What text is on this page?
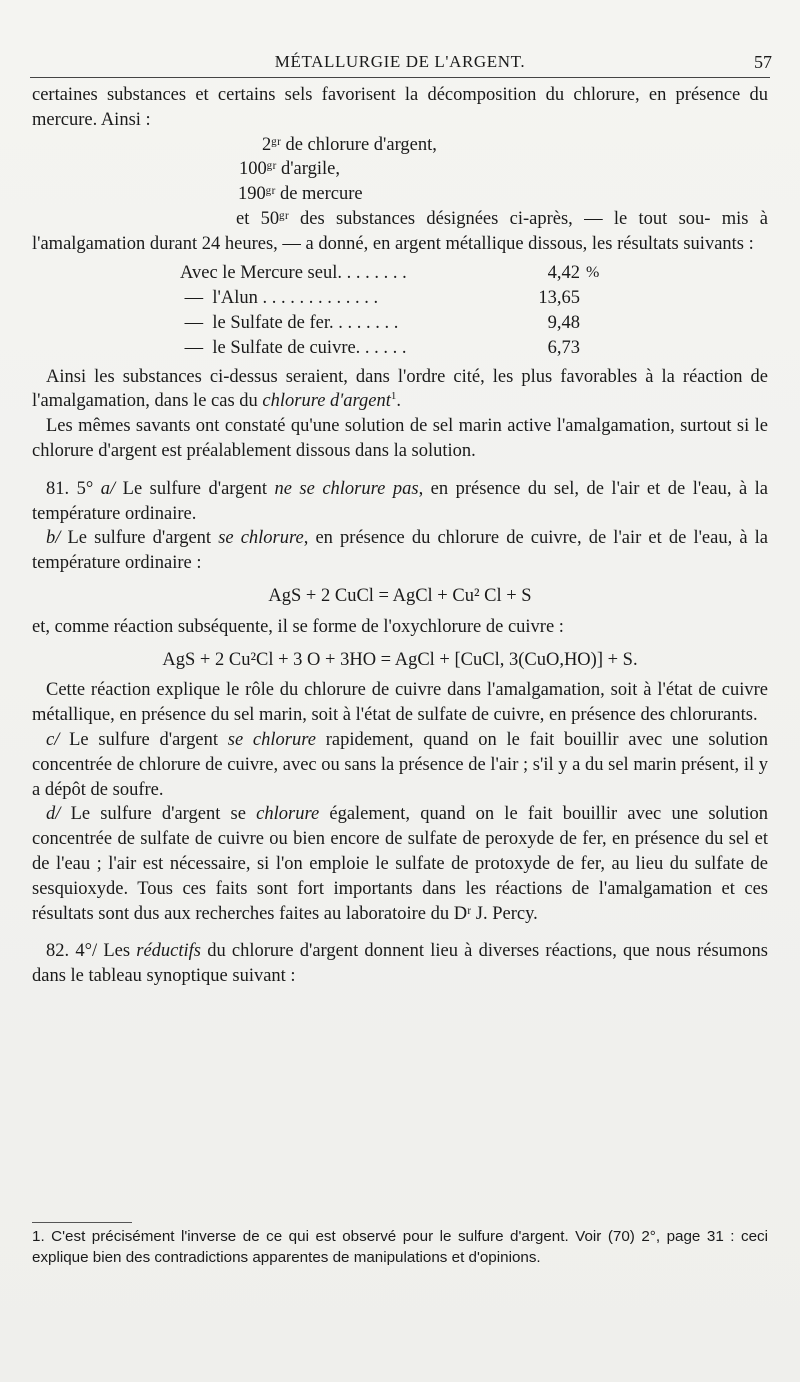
MÉTALLURGIE DE L'ARGENT.	57

certaines substances et certains sels favorisent la décomposition du chlorure, en présence du mercure. Ainsi :

2ᵍʳ de chlorure d'argent,
100ᵍʳ d'argile,
190ᵍʳ de mercure

et 50ᵍʳ des substances désignées ci-après, — le tout sou- mis à l'amalgamation durant 24 heures, — a donné, en argent métallique dissous, les résultats suivants :

Avec le Mercure seul. . . . . . . .	4,42 %
—  l'Alun . . . . . . . . . . . . .	13,65
—  le Sulfate de fer. . . . . . . .	9,48
—  le Sulfate de cuivre. . . . . .	6,73

Ainsi les substances ci-dessus seraient, dans l'ordre cité, les plus favorables à la réaction de l'amalgamation, dans le cas du chlorure d'argent$^1$.

Les mêmes savants ont constaté qu'une solution de sel marin active l'amalgamation, surtout si le chlorure d'argent est préalablement dissous dans la solution.

81. 5° a/ Le sulfure d'argent ne se chlorure pas, en présence du sel, de l'air et de l'eau, à la température ordinaire.

b/ Le sulfure d'argent se chlorure, en présence du chlorure de cuivre, de l'air et de l'eau, à la température ordinaire :

AgS + 2 CuCl = AgCl + Cu² Cl + S

et, comme réaction subséquente, il se forme de l'oxychlorure de cuivre :

AgS + 2 Cu²Cl + 3 O + 3HO = AgCl + [CuCl, 3(CuO,HO)] + S.

Cette réaction explique le rôle du chlorure de cuivre dans l'amalgamation, soit à l'état de cuivre métallique, en présence du sel marin, soit à l'état de sulfate de cuivre, en présence des chlorurants.

c/ Le sulfure d'argent se chlorure rapidement, quand on le fait bouillir avec une solution concentrée de chlorure de cuivre, avec ou sans la présence de l'air ; s'il y a du sel marin présent, il y a dépôt de soufre.

d/ Le sulfure d'argent se chlorure également, quand on le fait bouillir avec une solution concentrée de sulfate de cuivre ou bien encore de sulfate de peroxyde de fer, en présence du sel et de l'eau ; l'air est nécessaire, si l'on emploie le sulfate de protoxyde de fer, au lieu du sulfate de sesquioxyde. Tous ces faits sont fort importants dans les réactions de l'amalgamation et ces résultats sont dus aux recherches faites au laboratoire du Dʳ J. Percy.

82. 4°/ Les réductifs du chlorure d'argent donnent lieu à diverses réactions, que nous résumons dans le tableau synoptique suivant :

1. C'est précisément l'inverse de ce qui est observé pour le sulfure d'argent. Voir (70) 2°, page 31 : ceci explique bien des contradictions apparentes de manipulations et d'opinions.
